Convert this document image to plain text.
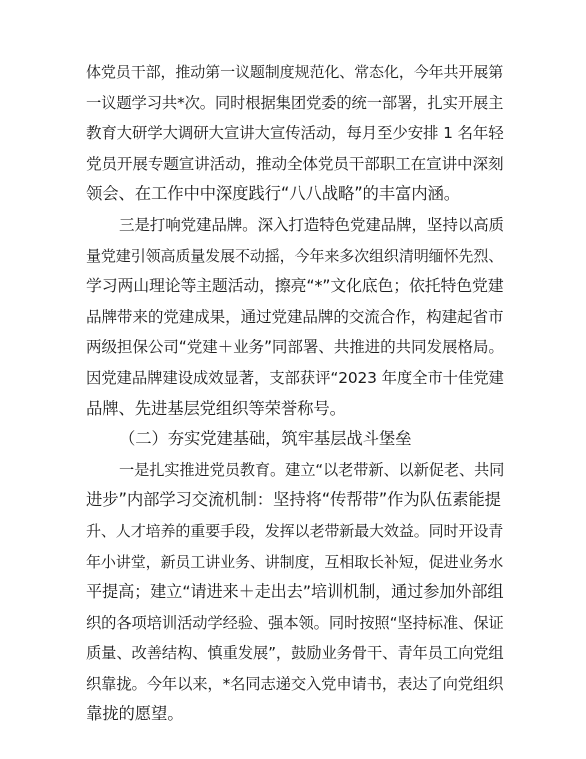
体党员干部，推动第一议题制度规范化、常态化，今年共开展第
一议题学习共*次。同时根据集团党委的统一部署，扎实开展主
教育大研学大调研大宣讲大宣传活动，每月至少安排 1 名年轻
党员开展专题宣讲活动，推动全体党员干部职工在宣讲中深刻
领会、在工作中中深度践行“八八战略”的丰富内涵。
三是打响党建品牌。深入打造特色党建品牌，坚持以高质
量党建引领高质量发展不动摇，今年来多次组织清明缅怀先烈、
学习两山理论等主题活动，擦亮“*”文化底色；依托特色党建
品牌带来的党建成果，通过党建品牌的交流合作，构建起省市
两级担保公司“党建＋业务”同部署、共推进的共同发展格局。
因党建品牌建设成效显著，支部获评“2023 年度全市十佳党建
品牌、先进基层党组织等荣誉称号。
（二）夯实党建基础，筑牢基层战斗堡垒
一是扎实推进党员教育。建立“以老带新、以新促老、共同
进步”内部学习交流机制：坚持将“传帮带”作为队伍素能提
升、人才培养的重要手段，发挥以老带新最大效益。同时开设青
年小讲堂，新员工讲业务、讲制度，互相取长补短，促进业务水
平提高；建立“请进来＋走出去”培训机制，通过参加外部组
织的各项培训活动学经验、强本领。同时按照“坚持标准、保证
质量、改善结构、慎重发展”，鼓励业务骨干、青年员工向党组
织靠拢。今年以来，*名同志递交入党申请书，表达了向党组织
靠拢的愿望。
